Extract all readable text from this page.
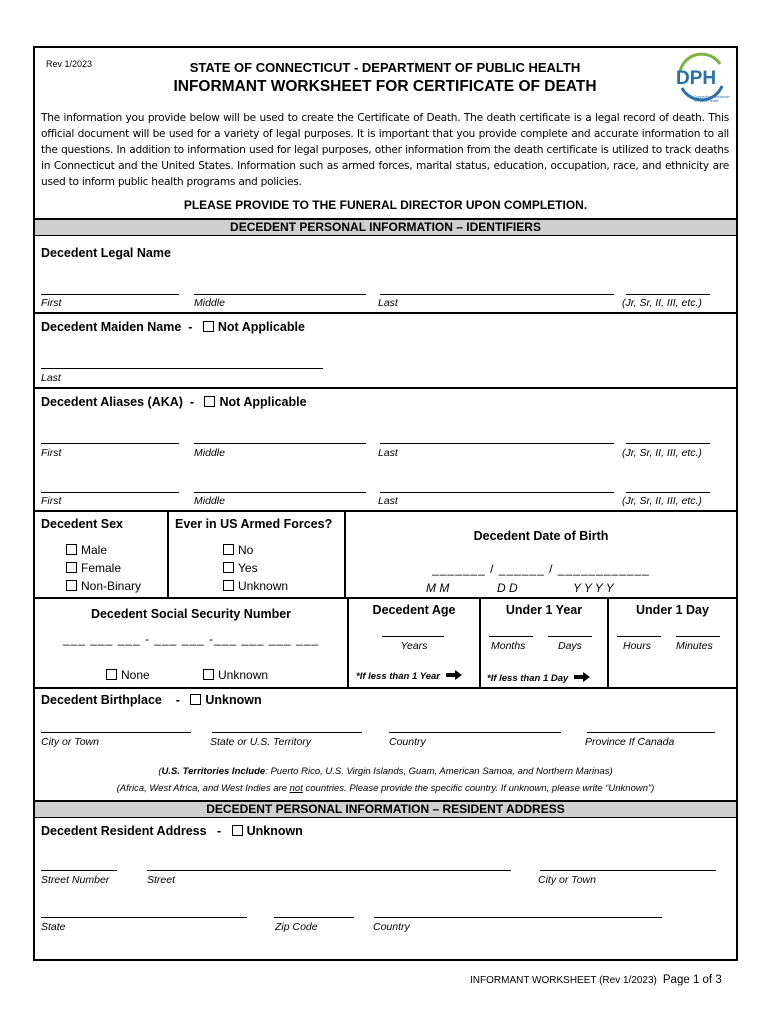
Rev 1/2023	STATE OF CONNECTICUT - DEPARTMENT OF PUBLIC HEALTH
INFORMANT WORKSHEET FOR CERTIFICATE OF DEATH	DPH
Connecticut Department
of Public Health
The information you provide below will be used to create the Certificate of Death. The death certificate is a legal record of death. This official document will be used for a variety of legal purposes. It is important that you provide complete and accurate information to all the questions. In addition to information used for legal purposes, other information from the death certificate is utilized to track deaths in Connecticut and the United States. Information such as armed forces, marital status, education, occupation, race, and ethnicity are used to inform public health programs and policies.
PLEASE PROVIDE TO THE FUNERAL DIRECTOR UPON COMPLETION.
DECEDENT PERSONAL INFORMATION – IDENTIFIERS
Decedent Legal Name
First	Middle	Last	(Jr, Sr, II, III, etc.)
Decedent Maiden Name - Not Applicable
Last
Decedent Aliases (AKA) - Not Applicable
First	Middle	Last	(Jr, Sr, II, III, etc.)
First	Middle	Last	(Jr, Sr, II, III, etc.)
Decedent Sex
Male
Female
Non-Binary
Ever in US Armed Forces?
No
Yes
Unknown
Decedent Date of Birth
_______ / ______ / ____________
M M	D D	Y Y Y Y
Decedent Social Security Number
___ ___ ___ - ___ ___ -___ ___ ___ ___
None	Unknown
Decedent Age
Years
*If less than 1 Year
Under 1 Year
Months	Days
*If less than 1 Day
Under 1 Day
Hours Minutes
Decedent Birthplace - Unknown
City or Town	State or U.S. Territory	Country	Province If Canada
(U.S. Territories Include: Puerto Rico, U.S. Virgin Islands, Guam, American Samoa, and Northern Marinas)
(Africa, West Africa, and West Indies are not countries. Please provide the specific country. If unknown, please write “Unknown”)
DECEDENT PERSONAL INFORMATION – RESIDENT ADDRESS
Decedent Resident Address - Unknown
Street Number	Street	City or Town
State	Zip Code	Country
INFORMANT WORKSHEET (Rev 1/2023) Page 1 of 3
